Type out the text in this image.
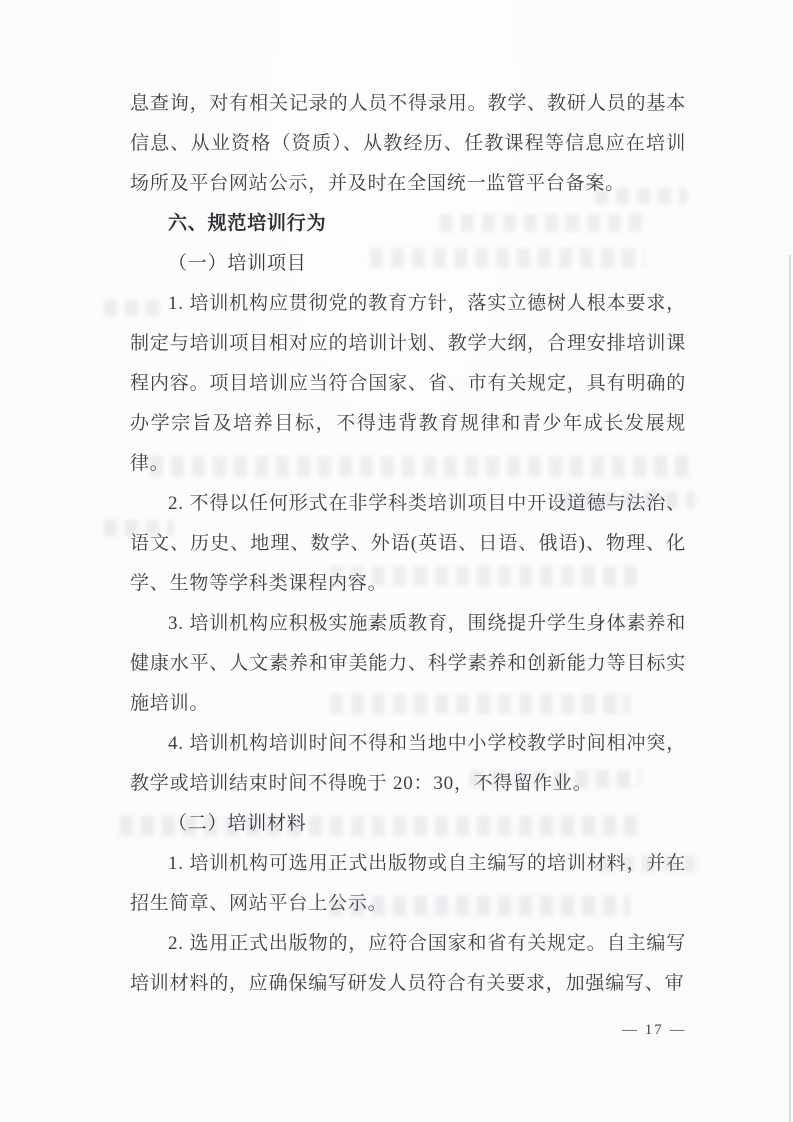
息查询，对有相关记录的人员不得录用。教学、教研人员的基本信息、从业资格（资质）、从教经历、任教课程等信息应在培训场所及平台网站公示，并及时在全国统一监管平台备案。

六、规范培训行为

（一）培训项目

1. 培训机构应贯彻党的教育方针，落实立德树人根本要求，制定与培训项目相对应的培训计划、教学大纲，合理安排培训课程内容。项目培训应当符合国家、省、市有关规定，具有明确的办学宗旨及培养目标，不得违背教育规律和青少年成长发展规律。

2. 不得以任何形式在非学科类培训项目中开设道德与法治、语文、历史、地理、数学、外语(英语、日语、俄语)、物理、化学、生物等学科类课程内容。

3. 培训机构应积极实施素质教育，围绕提升学生身体素养和健康水平、人文素养和审美能力、科学素养和创新能力等目标实施培训。

4. 培训机构培训时间不得和当地中小学校教学时间相冲突，教学或培训结束时间不得晚于 20：30，不得留作业。

（二）培训材料

1. 培训机构可选用正式出版物或自主编写的培训材料，并在招生简章、网站平台上公示。

2. 选用正式出版物的，应符合国家和省有关规定。自主编写培训材料的，应确保编写研发人员符合有关要求，加强编写、审

— 17 —
